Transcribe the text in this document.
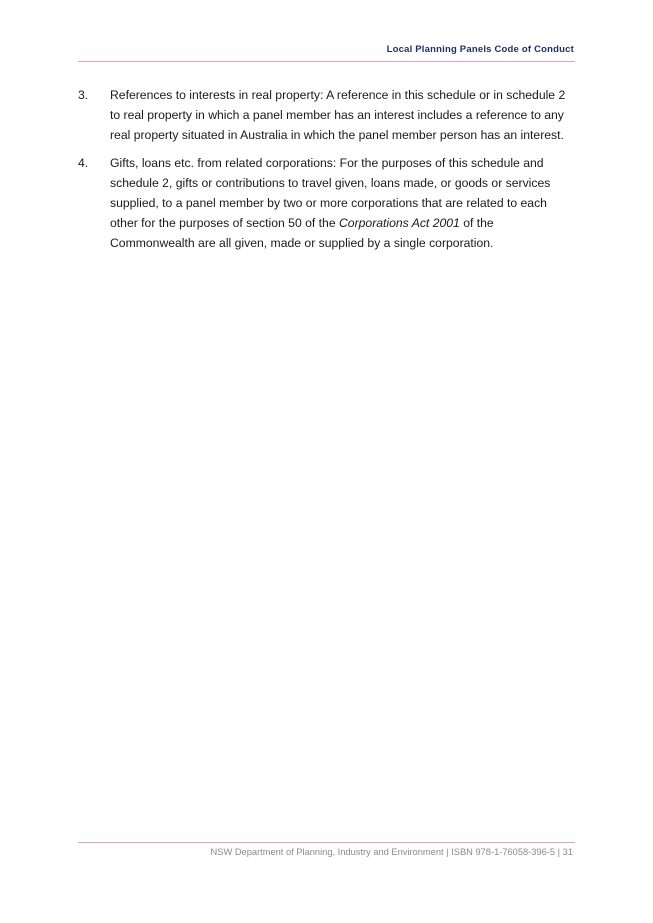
Local Planning Panels Code of Conduct
3. References to interests in real property: A reference in this schedule or in schedule 2 to real property in which a panel member has an interest includes a reference to any real property situated in Australia in which the panel member person has an interest.
4. Gifts, loans etc. from related corporations: For the purposes of this schedule and schedule 2, gifts or contributions to travel given, loans made, or goods or services supplied, to a panel member by two or more corporations that are related to each other for the purposes of section 50 of the Corporations Act 2001 of the Commonwealth are all given, made or supplied by a single corporation.
NSW Department of Planning, Industry and Environment | ISBN 978-1-76058-396-5 | 31
